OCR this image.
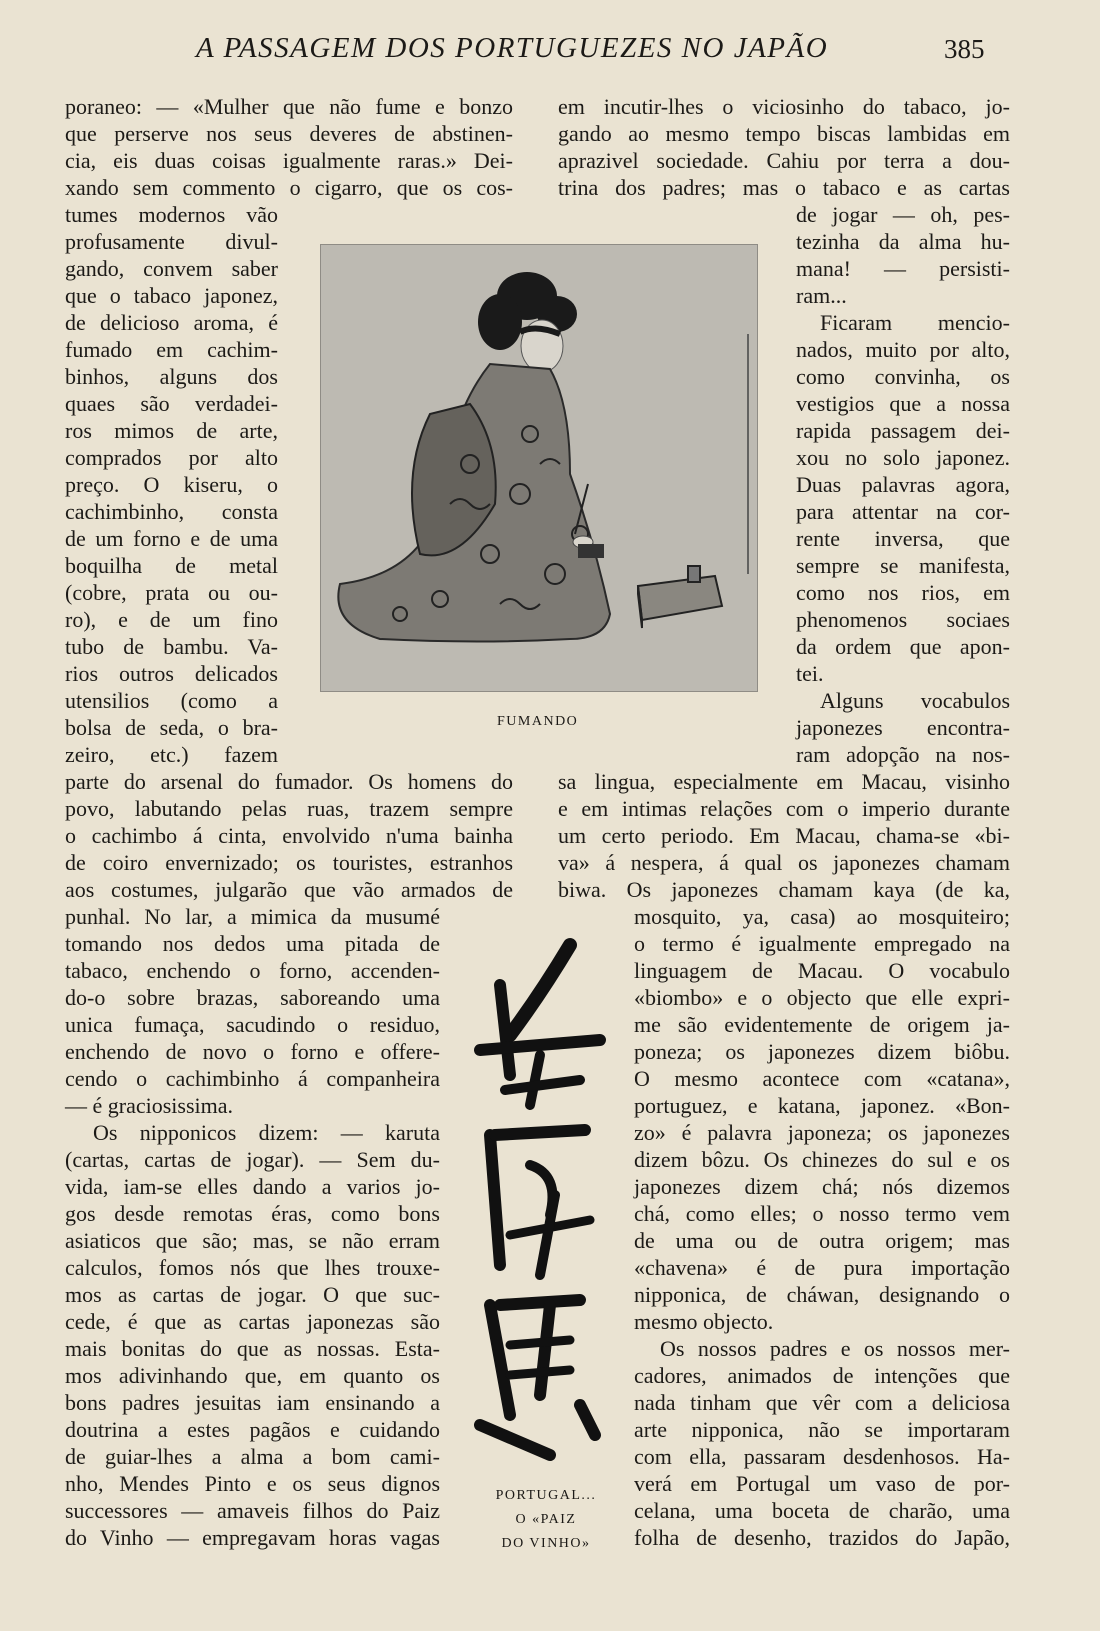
A PASSAGEM DOS PORTUGUEZES NO JAPÃO	385
poraneo: — «Mulher que não fume e bonzo
que perserve nos seus deveres de abstinen-
cia, eis duas coisas igualmente raras.» Dei-
xando sem commento o cigarro, que os cos-
tumes modernos vão
profusamente divul-
gando, convem saber
que o tabaco japonez,
de delicioso aroma, é
fumado em cachim-
binhos, alguns dos
quaes são verdadei-
ros mimos de arte,
comprados por alto
preço. O kiseru, o
cachimbinho, consta
de um forno e de uma
boquilha de metal
(cobre, prata ou ou-
ro), e de um fino
tubo de bambu. Va-
rios outros delicados
utensilios (como a
bolsa de seda, o bra-
zeiro, etc.) fazem
parte do arsenal do fumador. Os homens do
povo, labutando pelas ruas, trazem sempre
o cachimbo á cinta, envolvido n'uma bainha
de coiro envernizado; os touristes, estranhos
aos costumes, julgarão que vão armados de
punhal. No lar, a mimica da musumé
tomando nos dedos uma pitada de
tabaco, enchendo o forno, accenden-
do-o sobre brazas, saboreando uma
unica fumaça, sacudindo o residuo,
enchendo de novo o forno e offere-
cendo o cachimbinho á companheira
— é graciosissima.
Os nipponicos dizem: — karuta
(cartas, cartas de jogar). — Sem du-
vida, iam-se elles dando a varios jo-
gos desde remotas éras, como bons
asiaticos que são; mas, se não erram
calculos, fomos nós que lhes trouxe-
mos as cartas de jogar. O que suc-
cede, é que as cartas japonezas são
mais bonitas do que as nossas. Esta-
mos adivinhando que, em quanto os
bons padres jesuitas iam ensinando a
doutrina a estes pagãos e cuidando
de guiar-lhes a alma a bom cami-
nho, Mendes Pinto e os seus dignos
successores — amaveis filhos do Paiz
do Vinho — empregavam horas vagas
em incutir-lhes o viciosinho do tabaco, jo-
gando ao mesmo tempo biscas lambidas em
aprazivel sociedade. Cahiu por terra a dou-
trina dos padres; mas o tabaco e as cartas
de jogar — oh, pes-
tezinha da alma hu-
mana! — persisti-
ram...
Ficaram mencio-
nados, muito por alto,
como convinha, os
vestigios que a nossa
rapida passagem dei-
xou no solo japonez.
Duas palavras agora,
para attentar na cor-
rente inversa, que
sempre se manifesta,
como nos rios, em
phenomenos sociaes
da ordem que apon-
tei.
Alguns vocabulos
japonezes encontra-
ram adopção na nos-
sa lingua, especialmente em Macau, visinho
e em intimas relações com o imperio durante
um certo periodo. Em Macau, chama-se «bi-
va» á nespera, á qual os japonezes chamam
biwa. Os japonezes chamam kaya (de ka,
mosquito, ya, casa) ao mosquiteiro;
o termo é igualmente empregado na
linguagem de Macau. O vocabulo
«biombo» e o objecto que elle expri-
me são evidentemente de origem ja-
poneza; os japonezes dizem biôbu.
O mesmo acontece com «catana»,
portuguez, e katana, japonez. «Bon-
zo» é palavra japoneza; os japonezes
dizem bôzu. Os chinezes do sul e os
japonezes dizem chá; nós dizemos
chá, como elles; o nosso termo vem
de uma ou de outra origem; mas
«chavena» é de pura importação
nipponica, de cháwan, designando o
mesmo objecto.
Os nossos padres e os nossos mer-
cadores, animados de intenções que
nada tinham que vêr com a deliciosa
arte nipponica, não se importaram
com ella, passaram desdenhosos. Ha-
verá em Portugal um vaso de por-
celana, uma boceta de charão, uma
folha de desenho, trazidos do Japão,
FUMANDO
PORTUGAL...
O «PAIZ
DO VINHO»
